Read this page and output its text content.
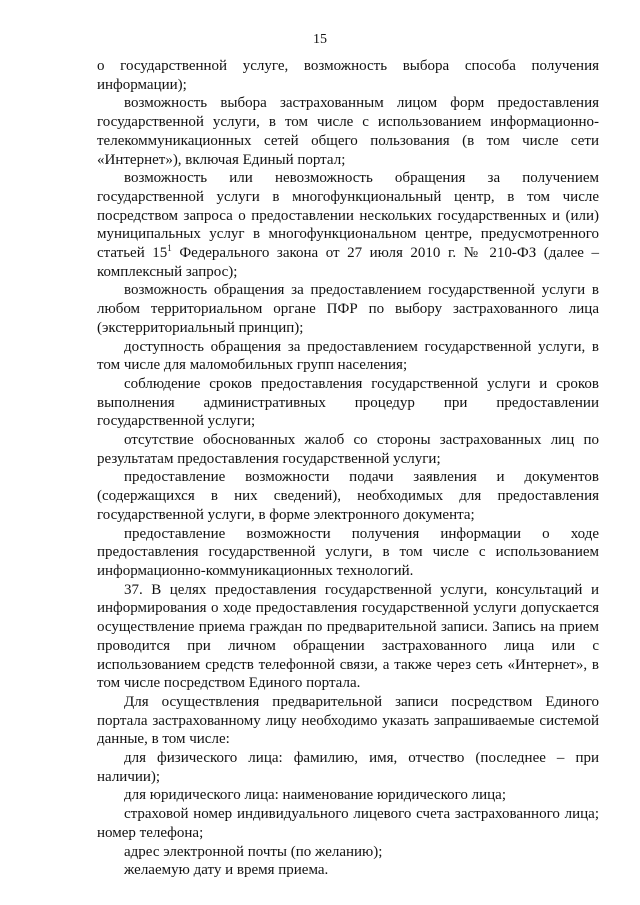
15

о государственной услуге, возможность выбора способа получения информации);

возможность выбора застрахованным лицом форм предоставления государственной услуги, в том числе с использованием информационно-телекоммуникационных сетей общего пользования (в том числе сети «Интернет»), включая Единый портал;

возможность или невозможность обращения за получением государственной услуги в многофункциональный центр, в том числе посредством запроса о предоставлении нескольких государственных и (или) муниципальных услуг в многофункциональном центре, предусмотренного статьей $15^1$ Федерального закона от 27 июля 2010 г. № 210-ФЗ (далее – комплексный запрос);

возможность обращения за предоставлением государственной услуги в любом территориальном органе ПФР по выбору застрахованного лица (экстерриториальный принцип);

доступность обращения за предоставлением государственной услуги, в том числе для маломобильных групп населения;

соблюдение сроков предоставления государственной услуги и сроков выполнения административных процедур при предоставлении государственной услуги;

отсутствие обоснованных жалоб со стороны застрахованных лиц по результатам предоставления государственной услуги;

предоставление возможности подачи заявления и документов (содержащихся в них сведений), необходимых для предоставления государственной услуги, в форме электронного документа;

предоставление возможности получения информации о ходе предоставления государственной услуги, в том числе с использованием информационно-коммуникационных технологий.

37. В целях предоставления государственной услуги, консультаций и информирования о ходе предоставления государственной услуги допускается осуществление приема граждан по предварительной записи. Запись на прием проводится при личном обращении застрахованного лица или с использованием средств телефонной связи, а также через сеть «Интернет», в том числе посредством Единого портала.

Для осуществления предварительной записи посредством Единого портала застрахованному лицу необходимо указать запрашиваемые системой данные, в том числе:

для физического лица: фамилию, имя, отчество (последнее – при наличии);

для юридического лица: наименование юридического лица;

страховой номер индивидуального лицевого счета застрахованного лица; номер телефона;

адрес электронной почты (по желанию);

желаемую дату и время приема.
